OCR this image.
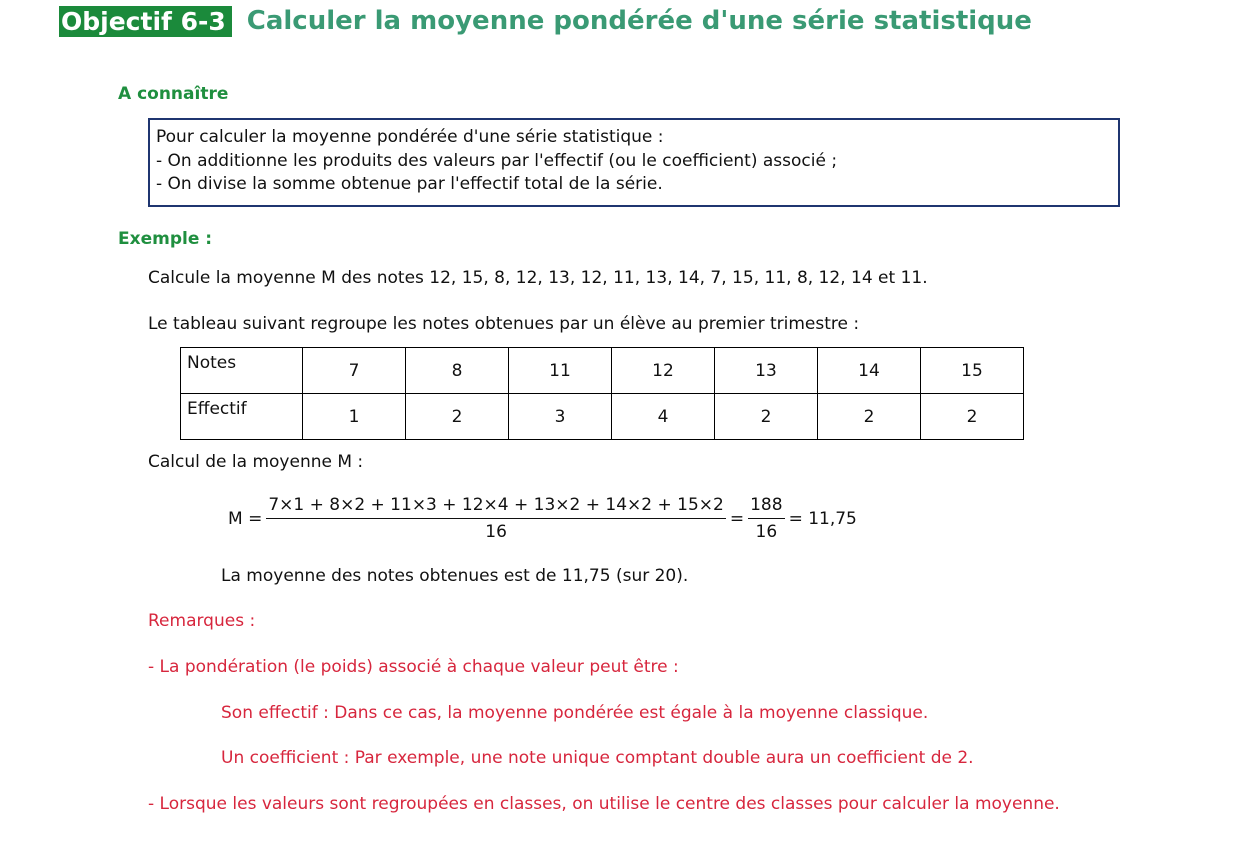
Objectif 6-3 Calculer la moyenne pondérée d'une série statistique
A connaître
Pour calculer la moyenne pondérée d'une série statistique :
- On additionne les produits des valeurs par l'effectif (ou le coefficient) associé ;
- On divise la somme obtenue par l'effectif total de la série.
Exemple :
Calcule la moyenne M des notes 12, 15, 8, 12, 13, 12, 11, 13, 14, 7, 15, 11, 8, 12, 14 et 11.
Le tableau suivant regroupe les notes obtenues par un élève au premier trimestre :
Notes	7	8	11	12	13	14	15
Effectif	1	2	3	4	2	2	2
Calcul de la moyenne M :
$M = \frac{7\times 1 + 8\times 2 + 11\times 3 + 12\times 4 + 13\times 2 + 14\times 2 + 15\times 2}{16} = \frac{188}{16} = 11,75$
La moyenne des notes obtenues est de 11,75 (sur 20).
Remarques :
- La pondération (le poids) associé à chaque valeur peut être :
Son effectif : Dans ce cas, la moyenne pondérée est égale à la moyenne classique.
Un coefficient : Par exemple, une note unique comptant double aura un coefficient de 2.
- Lorsque les valeurs sont regroupées en classes, on utilise le centre des classes pour calculer la moyenne.
